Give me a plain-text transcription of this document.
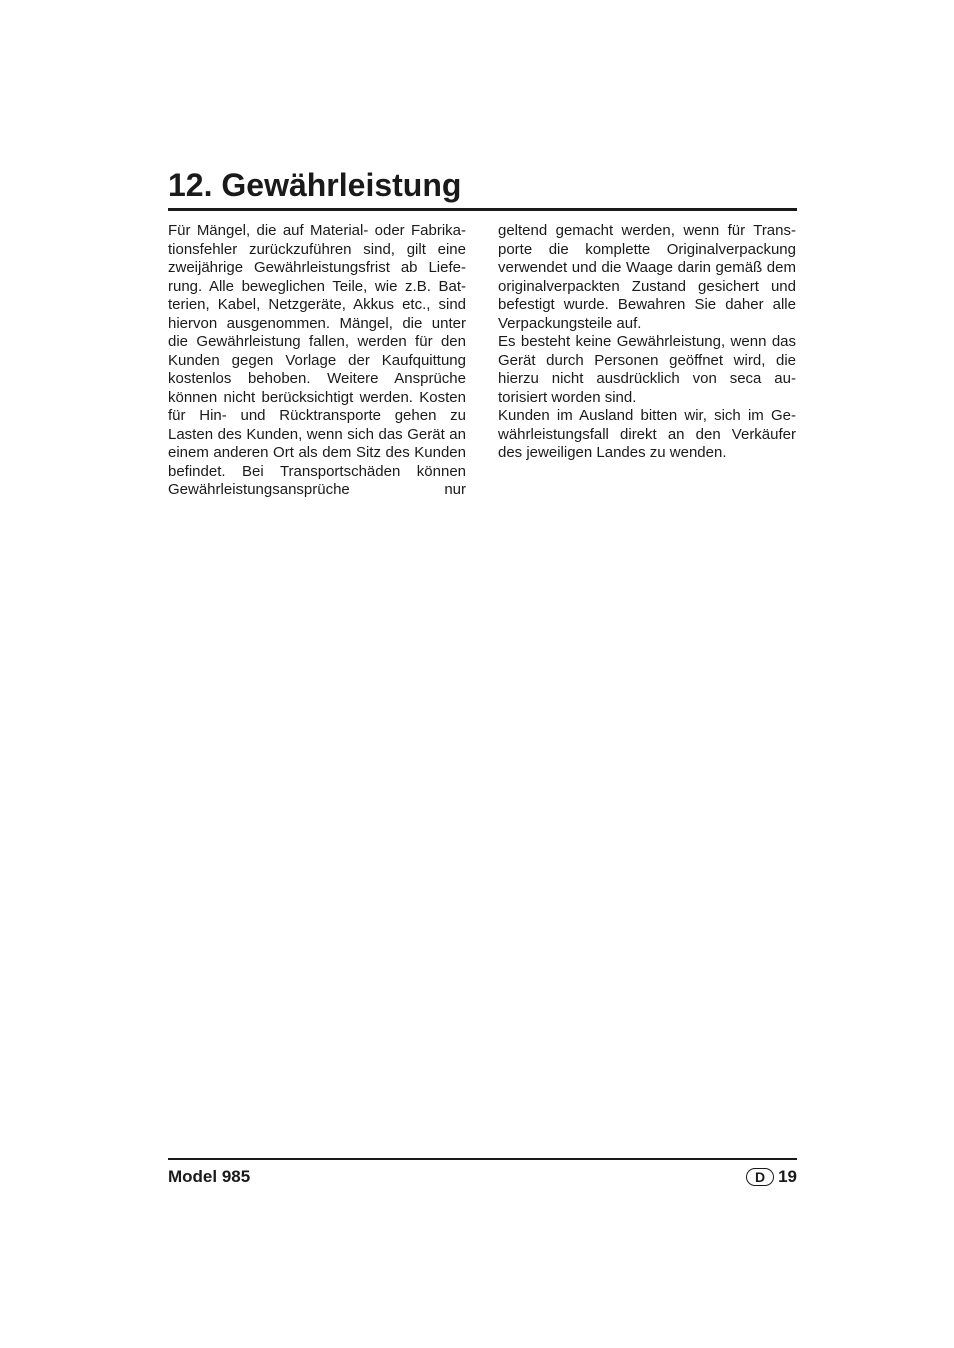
12. Gewährleistung

Für Mängel, die auf Material- oder Fabrikationsfehler zurückzuführen sind, gilt eine zweijährige Gewährleistungsfrist ab Lieferung. Alle beweglichen Teile, wie z.B. Batterien, Kabel, Netzgeräte, Akkus etc., sind hiervon ausgenommen. Mängel, die unter die Gewährleistung fallen, werden für den Kunden gegen Vorlage der Kaufquittung kostenlos behoben. Weitere Ansprüche können nicht berücksichtigt werden. Kosten für Hin- und Rücktransporte gehen zu Lasten des Kunden, wenn sich das Gerät an einem anderen Ort als dem Sitz des Kunden befindet. Bei Transportschäden können Gewährleistungsansprüche nur

geltend gemacht werden, wenn für Transporte die komplette Originalverpackung verwendet und die Waage darin gemäß dem originalverpackten Zustand gesichert und befestigt wurde. Bewahren Sie daher alle Verpackungsteile auf.

Es besteht keine Gewährleistung, wenn das Gerät durch Personen geöffnet wird, die hierzu nicht ausdrücklich von seca autorisiert worden sind.

Kunden im Ausland bitten wir, sich im Gewährleistungsfall direkt an den Verkäufer des jeweiligen Landes zu wenden.

Model 985	D 19
